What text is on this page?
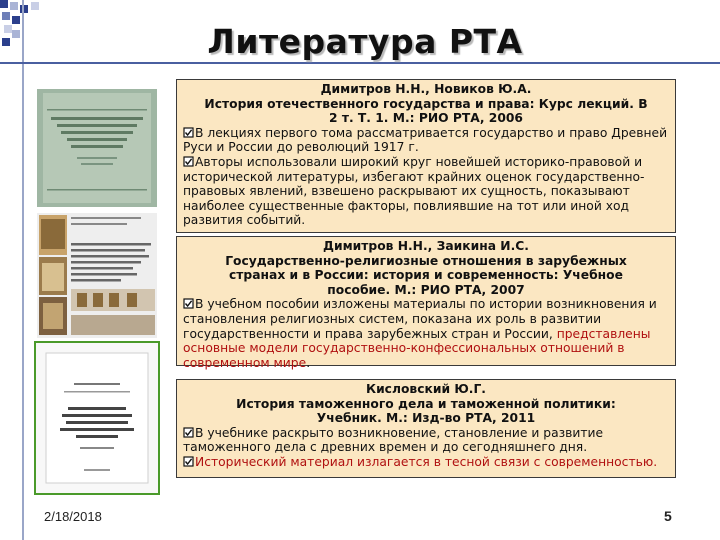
Литература РТА
Димитров Н.Н., Новиков Ю.А.
История отечественного государства и права: Курс лекций. В
2 т. Т. 1. М.: РИО РТА, 2006
В лекциях первого тома рассматривается государство и право Древней Руси и России до революций 1917 г.
Авторы использовали широкий круг новейшей историко-правовой и исторической литературы, избегают крайних оценок государственно-правовых явлений, взвешено раскрывают их сущность, показывают наиболее существенные факторы, повлиявшие на тот или иной ход развития событий.
Димитров Н.Н., Заикина И.С.
Государственно-религиозные отношения в зарубежных
странах и в России: история и современность: Учебное
пособие. М.: РИО РТА, 2007
В учебном пособии изложены материалы по истории возникновения и становления религиозных систем, показана их роль в развитии государственности и права зарубежных стран и России, представлены основные модели государственно-конфессиональных отношений в современном мире.
Кисловский Ю.Г.
История таможенного дела и таможенной политики:
Учебник. М.: Изд-во РТА, 2011
В учебнике раскрыто возникновение, становление и развитие таможенного дела с древних времен и до сегодняшнего дня.
Исторический материал излагается в тесной связи с современностью.
2/18/2018	5
